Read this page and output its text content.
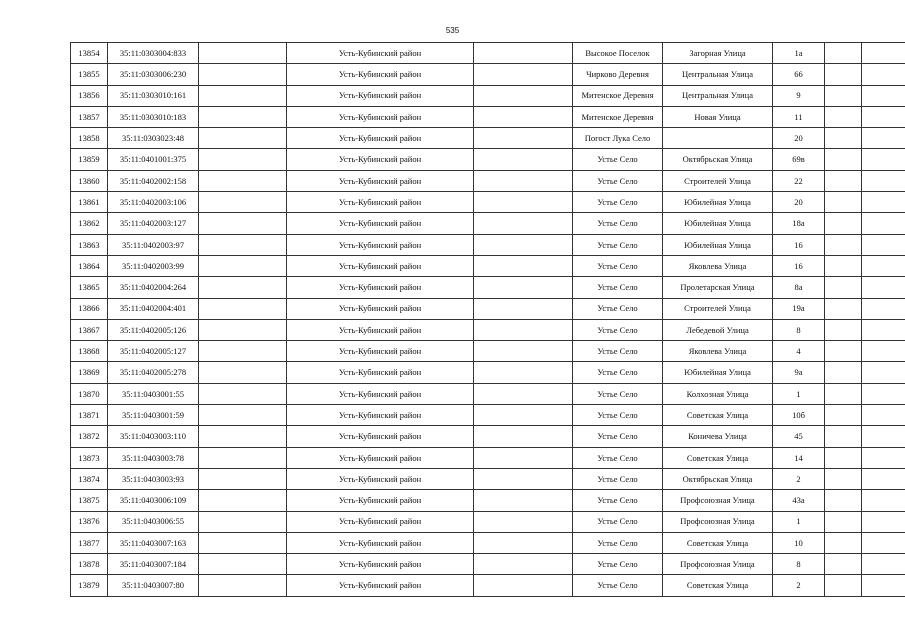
535
13854	35:11:0303004:833		Усть-Кубинский район		Высокое Поселок	Загорная Улица	1а			
13855	35:11:0303006:230		Усть-Кубинский район		Чирково Деревня	Центральная Улица	66			
13856	35:11:0303010:161		Усть-Кубинский район		Митенское Деревня	Центральная Улица	9			
13857	35:11:0303010:183		Усть-Кубинский район		Митенское Деревня	Новая Улица	11			
13858	35:11:0303023:48		Усть-Кубинский район		Погост Лука Село		20			
13859	35:11:0401001:375		Усть-Кубинский район		Устье Село	Октябрьская Улица	69в			
13860	35:11:0402002:158		Усть-Кубинский район		Устье Село	Строителей Улица	22			
13861	35:11:0402003:106		Усть-Кубинский район		Устье Село	Юбилейная Улица	20			
13862	35:11:0402003:127		Усть-Кубинский район		Устье Село	Юбилейная Улица	18а			
13863	35:11:0402003:97		Усть-Кубинский район		Устье Село	Юбилейная Улица	16			
13864	35:11:0402003:99		Усть-Кубинский район		Устье Село	Яковлева Улица	16			
13865	35:11:0402004:264		Усть-Кубинский район		Устье Село	Пролетарская Улица	8а			
13866	35:11:0402004:401		Усть-Кубинский район		Устье Село	Строителей Улица	19а			
13867	35:11:0402005:126		Усть-Кубинский район		Устье Село	Лебедевой Улица	8			
13868	35:11:0402005:127		Усть-Кубинский район		Устье Село	Яковлева Улица	4			
13869	35:11:0402005:278		Усть-Кубинский район		Устье Село	Юбилейная Улица	9а			
13870	35:11:0403001:55		Усть-Кубинский район		Устье Село	Колхозная Улица	1			
13871	35:11:0403001:59		Усть-Кубинский район		Устье Село	Советская Улица	10б			
13872	35:11:0403003:110		Усть-Кубинский район		Устье Село	Коничева Улица	45			
13873	35:11:0403003:78		Усть-Кубинский район		Устье Село	Советская Улица	14			
13874	35:11:0403003:93		Усть-Кубинский район		Устье Село	Октябрьская Улица	2			
13875	35:11:0403006:109		Усть-Кубинский район		Устье Село	Профсоюзная Улица	43а			
13876	35:11:0403006:55		Усть-Кубинский район		Устье Село	Профсоюзная Улица	1			
13877	35:11:0403007:163		Усть-Кубинский район		Устье Село	Советская Улица	10			
13878	35:11:0403007:184		Усть-Кубинский район		Устье Село	Профсоюзная Улица	8			
13879	35:11:0403007:80		Усть-Кубинский район		Устье Село	Советская Улица	2			
